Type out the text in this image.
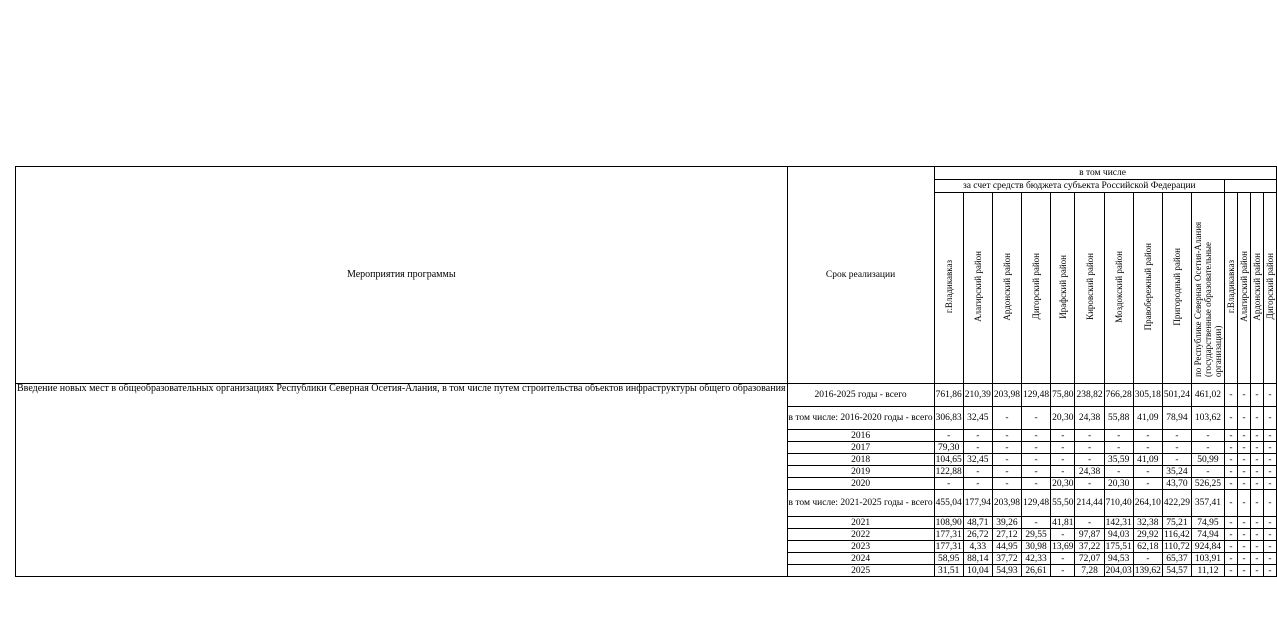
Мероприятия программы	Срок реализации	в том числе													
		за счет средств бюджета субъекта Российской Федерации													
		г.Владикавказ	Алагирский район	Ардонский район	Дигорский район	Ирафский район	Кировский район	Моздокский район	Правобережный район	Пригородный район	по Республике Северная Осетия-Алания (государственные образовательные организации)	г.Владикавказ	Алагирский район	Ардонский район	Дигорский район
Введение новых мест в общеобразовательных организациях Республики Северная Осетия-Алания, в том числе путем строительства объектов инфраструктуры общего образования	2016-2025 годы - всего	761,86	210,39	203,98	129,48	75,80	238,82	766,28	305,18	501,24	461,02	-	-	-	-
	в том числе: 2016-2020 годы - всего	306,83	32,45	-	-	20,30	24,38	55,88	41,09	78,94	103,62	-	-	-	-
	2016	-	-	-	-	-	-	-	-	-	-	-	-	-	-
	2017	79,30	-	-	-	-	-	-	-	-	-	-	-	-	-
	2018	104,65	32,45	-	-	-	-	35,59	41,09	-	50,99	-	-	-	-
	2019	122,88	-	-	-	-	24,38	-	-	35,24	-	-	-	-	-
	2020	-	-	-	-	20,30	-	20,30	-	43,70	526,25	-	-	-	-
	в том числе: 2021-2025 годы - всего	455,04	177,94	203,98	129,48	55,50	214,44	710,40	264,10	422,29	357,41	-	-	-	-
	2021	108,90	48,71	39,26	-	41,81	-	142,31	32,38	75,21	74,95	-	-	-	-
	2022	177,31	26,72	27,12	29,55	-	97,87	94,03	29,92	116,42	74,94	-	-	-	-
	2023	177,31	4,33	44,95	30,98	13,69	37,22	175,51	62,18	110,72	924,84	-	-	-	-
	2024	58,95	88,14	37,72	42,33	-	72,07	94,53	-	65,37	103,91	-	-	-	-
	2025	31,51	10,04	54,93	26,61	-	7,28	204,03	139,62	54,57	11,12	-	-	-	-
